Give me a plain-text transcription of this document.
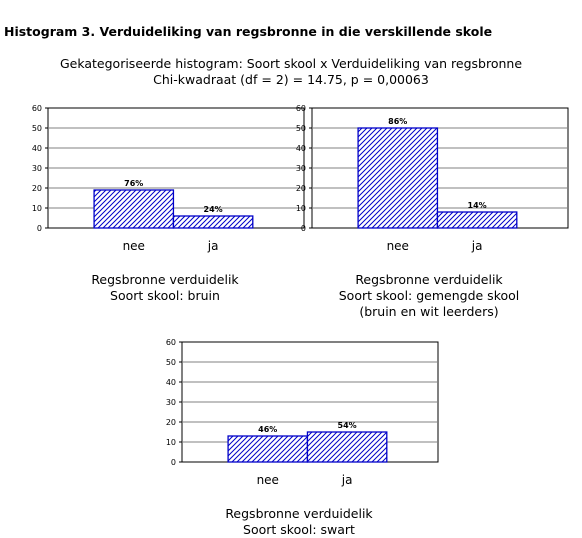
Histogram 3. Verduideliking van regsbronne in die verskillende skole
Gekategoriseerde histogram: Soort skool x Verduideliking van regsbronne
Chi-kwadraat (df = 2) = 14.75, p = 0,00063
0
10
20
30
40
50
60
76%
nee
24%
ja
Regsbronne verduidelik
Soort skool: bruin
0
10
20
30
40
50
60
86%
nee
14%
ja
Regsbronne verduidelik
Soort skool: gemengde skool
(bruin en wit leerders)
0
10
20
30
40
50
60
46%
nee
54%
ja
Regsbronne verduidelik
Soort skool: swart
